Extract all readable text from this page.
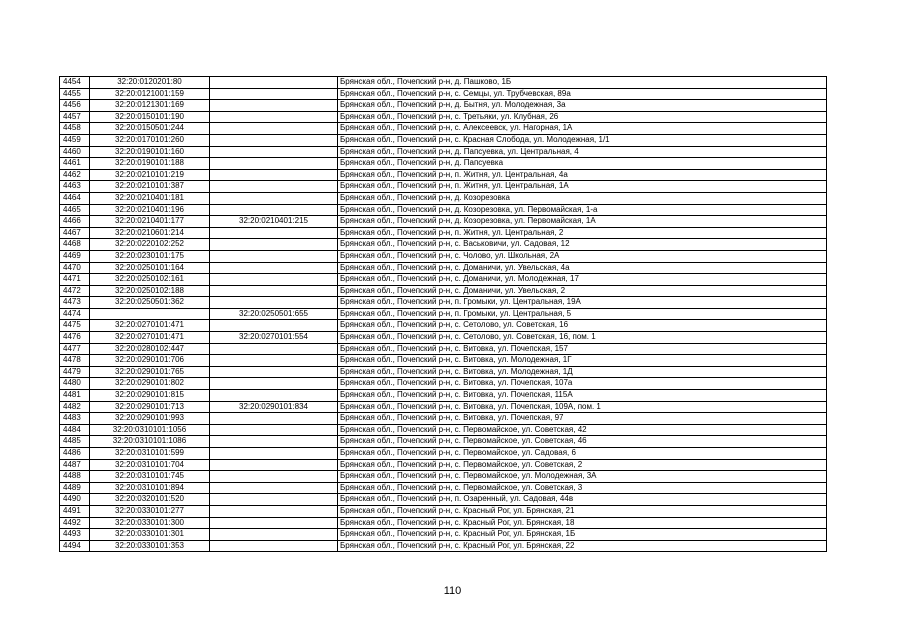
4454	32:20:0120201:80		Брянская обл., Почепский р-н, д. Пашково, 1Б
4455	32:20:0121001:159		Брянская обл., Почепский р-н, с. Семцы, ул. Трубчевская, 89а
4456	32:20:0121301:169		Брянская обл., Почепский р-н, д. Бытня, ул. Молодежная, 3а
4457	32:20:0150101:190		Брянская обл., Почепский р-н, с. Третьяки, ул. Клубная, 26
4458	32:20:0150501:244		Брянская обл., Почепский р-н, с. Алексеевск, ул. Нагорная, 1А
4459	32:20:0170101:260		Брянская обл., Почепский р-н, с. Красная Слобода, ул. Молодежная, 1/1
4460	32:20:0190101:160		Брянская обл., Почепский р-н, д. Папсуевка, ул. Центральная, 4
4461	32:20:0190101:188		Брянская обл., Почепский р-н, д. Папсуевка
4462	32:20:0210101:219		Брянская обл., Почепский р-н, п. Житня, ул. Центральная, 4а
4463	32:20:0210101:387		Брянская обл., Почепский р-н, п. Житня, ул. Центральная, 1А
4464	32:20:0210401:181		Брянская обл., Почепский р-н, д. Козорезовка
4465	32:20:0210401:196		Брянская обл., Почепский р-н, д. Козорезовка, ул. Первомайская, 1-а
4466	32:20:0210401:177	32:20:0210401:215	Брянская обл., Почепский р-н, д. Козорезовка, ул. Первомайская, 1А
4467	32:20:0210601:214		Брянская обл., Почепский р-н, п. Житня, ул. Центральная, 2
4468	32:20:0220102:252		Брянская обл., Почепский р-н, с. Васьковичи, ул. Садовая, 12
4469	32:20:0230101:175		Брянская обл., Почепский р-н, с. Чолово, ул. Школьная, 2А
4470	32:20:0250101:164		Брянская обл., Почепский р-н, с. Доманичи, ул. Увельская, 4а
4471	32:20:0250102:161		Брянская обл., Почепский р-н, с. Доманичи, ул. Молодежная, 17
4472	32:20:0250102:188		Брянская обл., Почепский р-н, с. Доманичи, ул. Увельская, 2
4473	32:20:0250501:362		Брянская обл., Почепский р-н, п. Громыки, ул. Центральная, 19А
4474		32:20:0250501:655	Брянская обл., Почепский р-н, п. Громыки, ул. Центральная, 5
4475	32:20:0270101:471		Брянская обл., Почепский р-н, с. Сетолово, ул. Советская, 16
4476	32:20:0270101:471	32:20:0270101:554	Брянская обл., Почепский р-н, с. Сетолово, ул. Советская, 16, пом. 1
4477	32:20:0280102:447		Брянская обл., Почепский р-н, с. Витовка, ул. Почепская, 157
4478	32:20:0290101:706		Брянская обл., Почепский р-н, с. Витовка, ул. Молодежная, 1Г
4479	32:20:0290101:765		Брянская обл., Почепский р-н, с. Витовка, ул. Молодежная, 1Д
4480	32:20:0290101:802		Брянская обл., Почепский р-н, с. Витовка, ул. Почепская, 107а
4481	32:20:0290101:815		Брянская обл., Почепский р-н, с. Витовка, ул. Почепская, 115А
4482	32:20:0290101:713	32:20:0290101:834	Брянская обл., Почепский р-н, с. Витовка, ул. Почепская, 109А, пом. 1
4483	32:20:0290101:993		Брянская обл., Почепский р-н, с. Витовка, ул. Почепская, 97
4484	32:20:0310101:1056		Брянская обл., Почепский р-н, с. Первомайское, ул. Советская, 42
4485	32:20:0310101:1086		Брянская обл., Почепский р-н, с. Первомайское, ул. Советская, 46
4486	32:20:0310101:599		Брянская обл., Почепский р-н, с. Первомайское, ул. Садовая, 6
4487	32:20:0310101:704		Брянская обл., Почепский р-н, с. Первомайское, ул. Советская, 2
4488	32:20:0310101:745		Брянская обл., Почепский р-н, с. Первомайское, ул. Молодежная, 3А
4489	32:20:0310101:894		Брянская обл., Почепский р-н, с. Первомайское, ул. Советская, 3
4490	32:20:0320101:520		Брянская обл., Почепский р-н, п. Озаренный, ул. Садовая, 44в
4491	32:20:0330101:277		Брянская обл., Почепский р-н, с. Красный Рог, ул. Брянская, 21
4492	32:20:0330101:300		Брянская обл., Почепский р-н, с. Красный Рог, ул. Брянская, 18
4493	32:20:0330101:301		Брянская обл., Почепский р-н, с. Красный Рог, ул. Брянская, 1Б
4494	32:20:0330101:353		Брянская обл., Почепский р-н, с. Красный Рог, ул. Брянская, 22
110
